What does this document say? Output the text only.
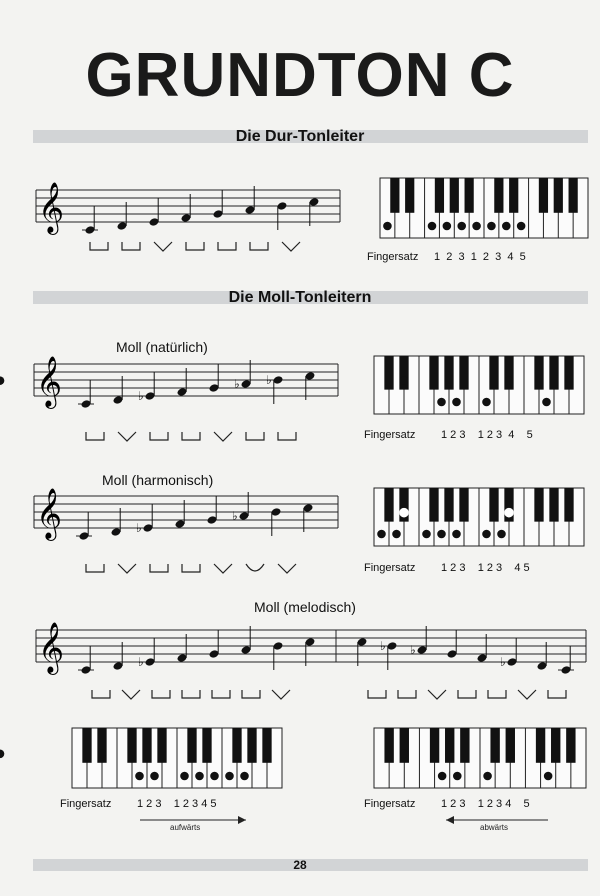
GRUNDTON C
Die Dur-Tonleiter
Die Moll-Tonleitern
Moll (natürlich)
Moll (harmonisch)
Moll (melodisch)
Fingersatz 1  2  3  1  2  3  4  5
Fingersatz 1 2 3    1 2 3  4    5
Fingersatz 1 2 3    1 2 3    4 5
Fingersatz 1 2 3    1 2 3 4 5
aufwärts
Fingersatz 1 2 3    1 2 3 4    5
abwärts
28
𝄞
𝄞	♭
♭ ♭
𝄞	♭
♭
𝄞	♭
♭ ♭
♭
